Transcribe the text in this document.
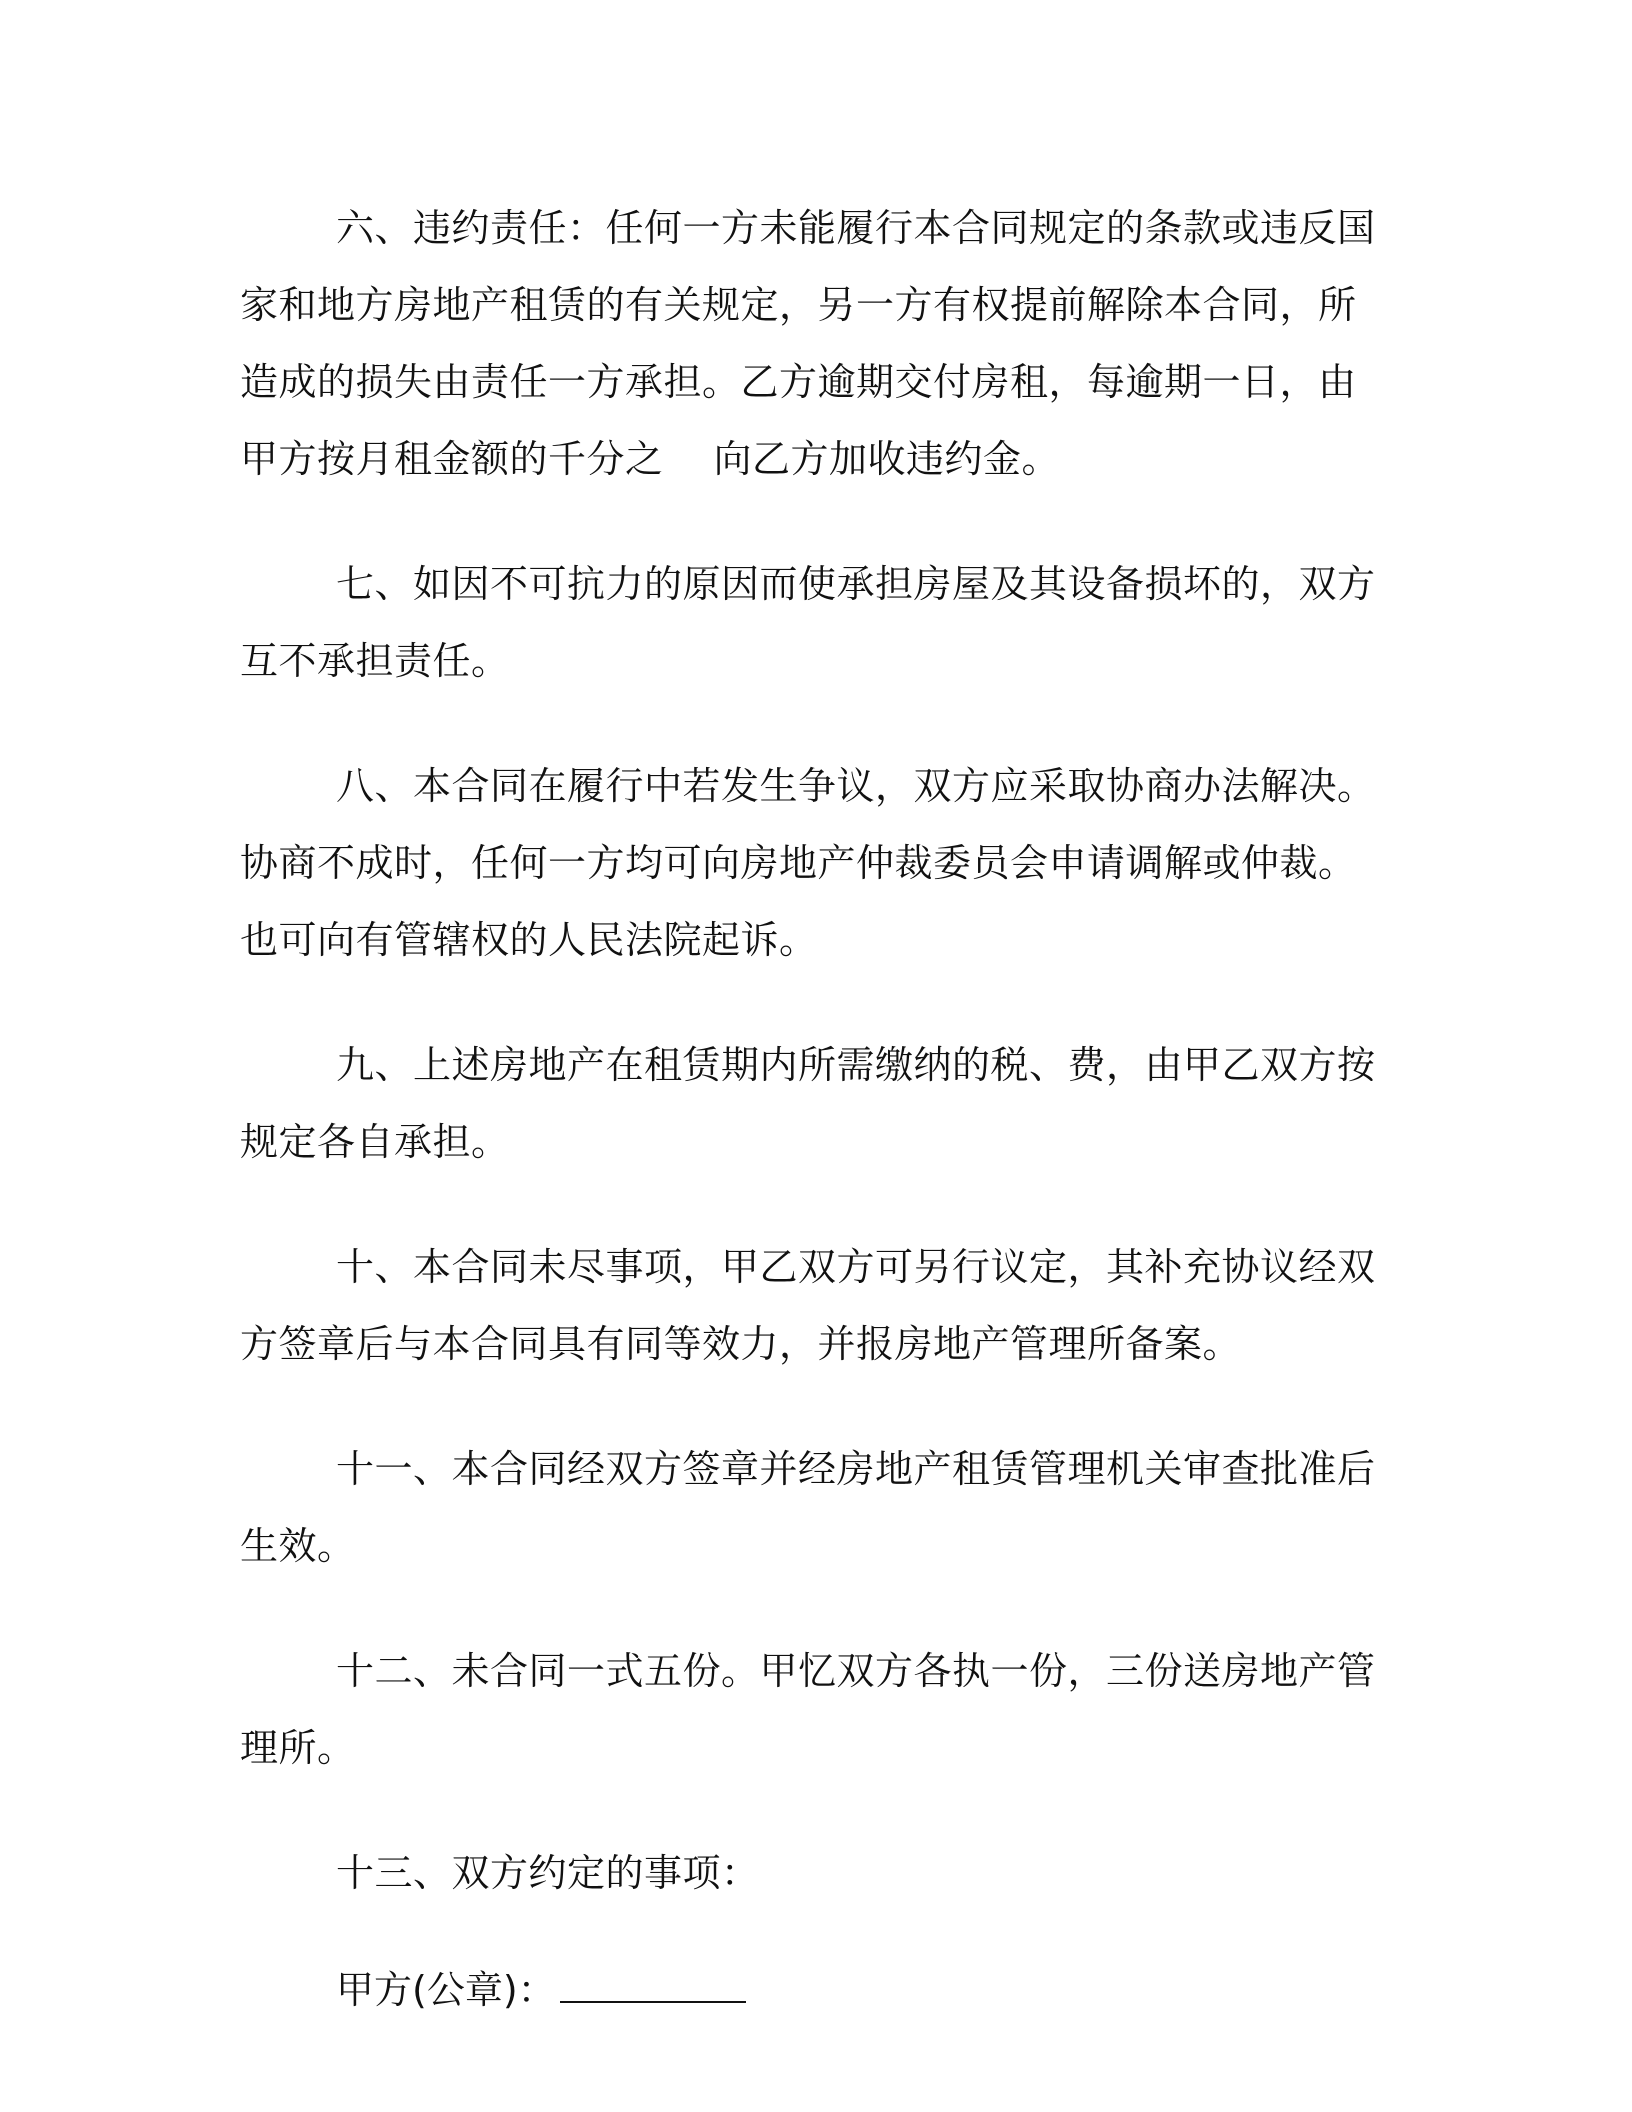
六、违约责任：任何一方未能履行本合同规定的条款或违反国家和地方房地产租赁的有关规定，另一方有权提前解除本合同，所造成的损失由责任一方承担。乙方逾期交付房租，每逾期一日，由甲方按月租金额的千分之 向乙方加收违约金。

七、如因不可抗力的原因而使承担房屋及其设备损坏的，双方互不承担责任。

八、本合同在履行中若发生争议，双方应采取协商办法解决。协商不成时，任何一方均可向房地产仲裁委员会申请调解或仲裁。也可向有管辖权的人民法院起诉。

九、上述房地产在租赁期内所需缴纳的税、费，由甲乙双方按规定各自承担。

十、本合同未尽事项，甲乙双方可另行议定，其补充协议经双方签章后与本合同具有同等效力，并报房地产管理所备案。

十一、本合同经双方签章并经房地产租赁管理机关审查批准后生效。

十二、未合同一式五份。甲忆双方各执一份，三份送房地产管理所。

十三、双方约定的事项：

甲方(公章)：
